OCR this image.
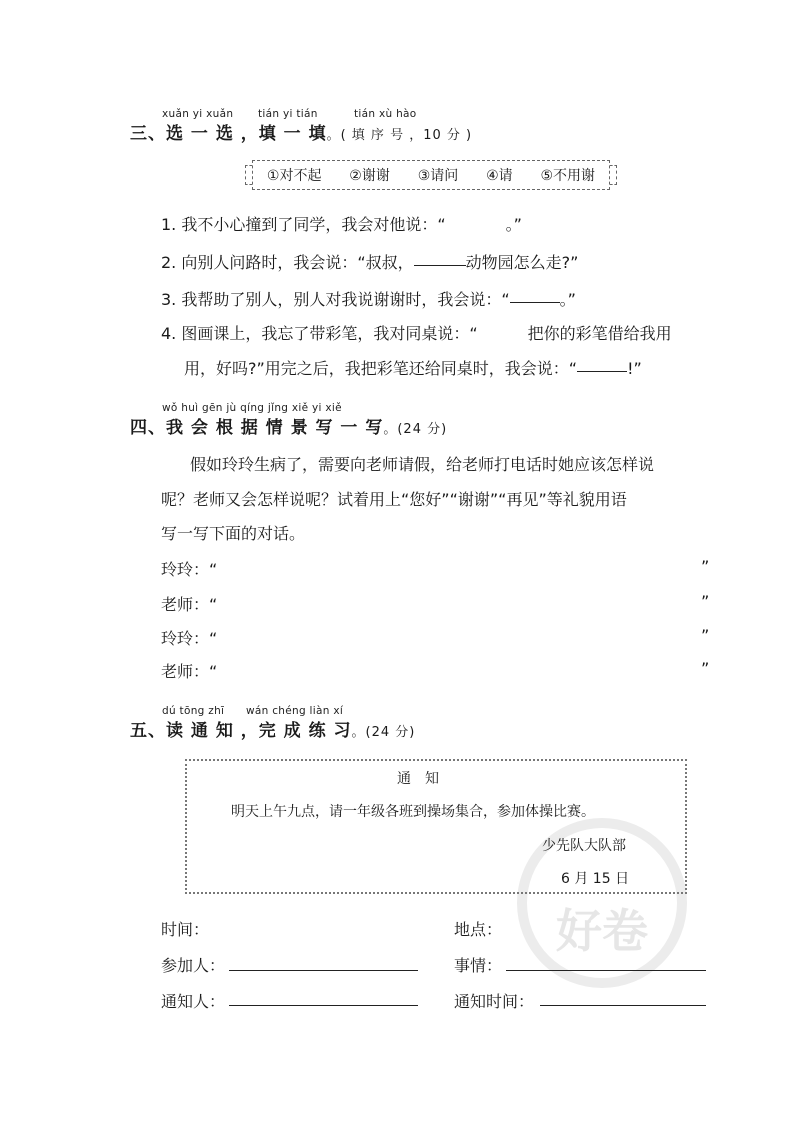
xuǎn yi xuǎn tián yi tián	tián xù hào
三、选 一 选 ，填 一 填。( 填 序 号 ，10 分 )
①对不起 ②谢谢 ③请问 ④请 ⑤不用谢
1. 我不小心撞到了同学，我会对他说：“	。”
2. 向别人问路时，我会说：“叔叔，	动物园怎么走?”
3. 我帮助了别人，别人对我说谢谢时，我会说：“	。”
4. 图画课上，我忘了带彩笔，我对同桌说：“	把你的彩笔借给我用
用，好吗?”用完之后，我把彩笔还给同桌时，我会说：“	!”
wǒ huì gēn jù qíng jǐng xiě yi xiě
四、我 会 根 据 情 景 写 一 写。(24 分)
假如玲玲生病了，需要向老师请假，给老师打电话时她应该怎样说
呢？老师又会怎样说呢？试着用上“您好”“谢谢”“再见”等礼貌用语
写一写下面的对话。
玲玲：“	”
老师：“	”
玲玲：“	”
老师：“	”
dú tōng zhī wán chéng liàn xí
五、读 通 知 ，完 成 练 习。(24 分)
好卷
通　知
明天上午九点，请一年级各班到操场集合，参加体操比赛。
少先队大队部
6 月 15 日
时间：	地点：
参加人：	事情：
通知人：	通知时间：
